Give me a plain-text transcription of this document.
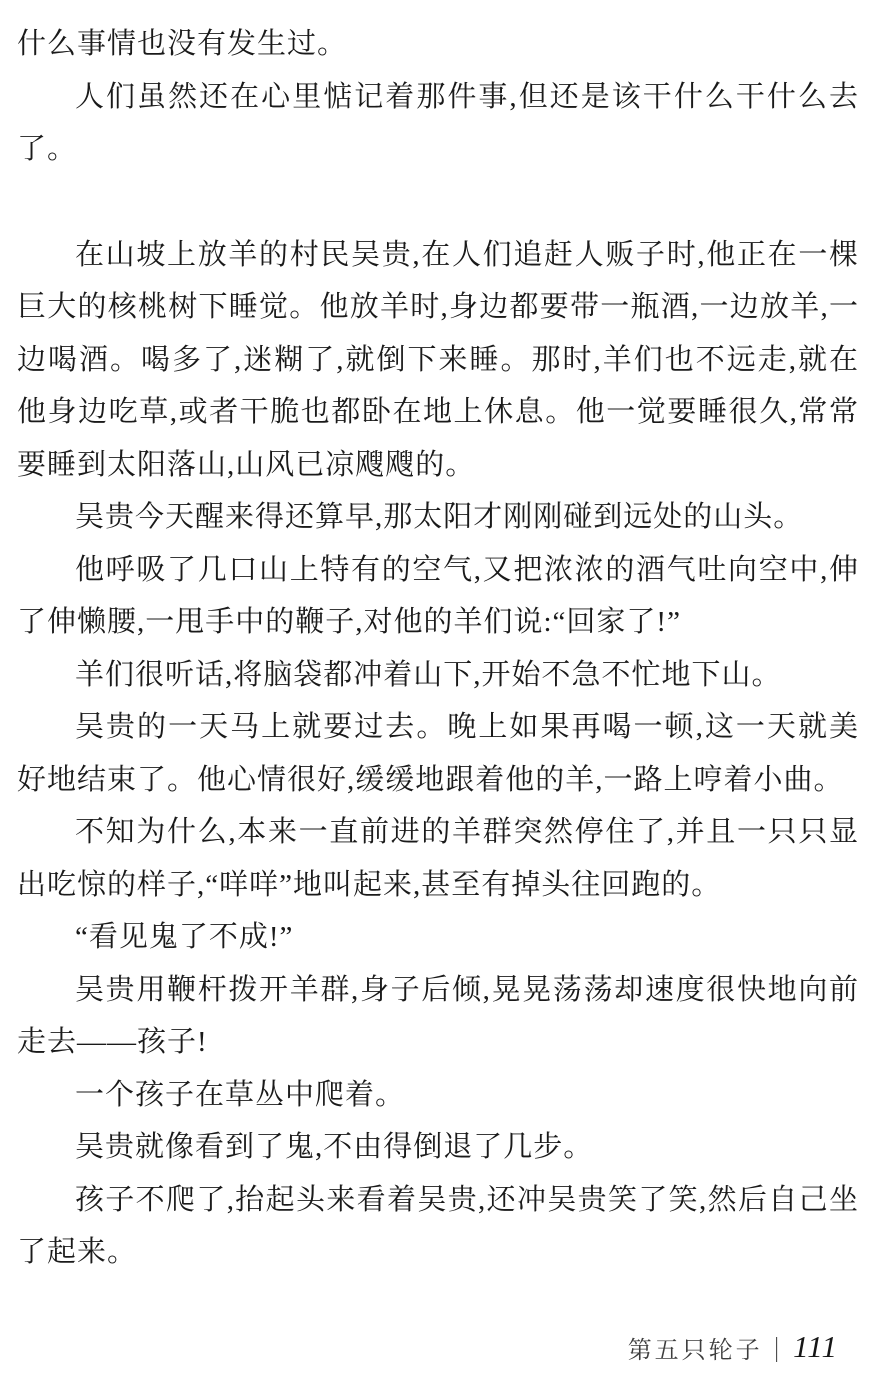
什么事情也没有发生过。

人们虽然还在心里惦记着那件事,但还是该干什么干什么去了。

在山坡上放羊的村民吴贵,在人们追赶人贩子时,他正在一棵巨大的核桃树下睡觉。他放羊时,身边都要带一瓶酒,一边放羊,一边喝酒。喝多了,迷糊了,就倒下来睡。那时,羊们也不远走,就在他身边吃草,或者干脆也都卧在地上休息。他一觉要睡很久,常常要睡到太阳落山,山风已凉飕飕的。

吴贵今天醒来得还算早,那太阳才刚刚碰到远处的山头。

他呼吸了几口山上特有的空气,又把浓浓的酒气吐向空中,伸了伸懒腰,一甩手中的鞭子,对他的羊们说:“回家了!”

羊们很听话,将脑袋都冲着山下,开始不急不忙地下山。

吴贵的一天马上就要过去。晚上如果再喝一顿,这一天就美好地结束了。他心情很好,缓缓地跟着他的羊,一路上哼着小曲。

不知为什么,本来一直前进的羊群突然停住了,并且一只只显出吃惊的样子,“咩咩”地叫起来,甚至有掉头往回跑的。

“看见鬼了不成!”

吴贵用鞭杆拨开羊群,身子后倾,晃晃荡荡却速度很快地向前走去——孩子!

一个孩子在草丛中爬着。

吴贵就像看到了鬼,不由得倒退了几步。

孩子不爬了,抬起头来看着吴贵,还冲吴贵笑了笑,然后自己坐了起来。

第五只轮子 | 111
